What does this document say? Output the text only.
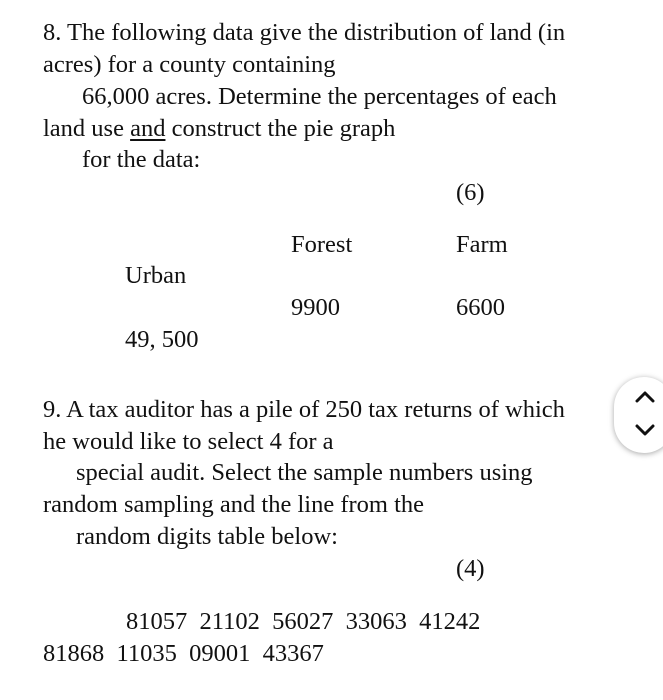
8. The following data give the distribution of land (in
acres) for a county containing
66,000 acres. Determine the percentages of each
land use and construct the pie graph
for the data:
(6)
Forest	Farm
Urban
9900	6600
49, 500
9. A tax auditor has a pile of 250 tax returns of which
he would like to select 4 for a
special audit. Select the sample numbers using
random sampling and the line from the
random digits table below:
(4)
81057  21102  56027  33063  41242
81868  11035  09001  43367
